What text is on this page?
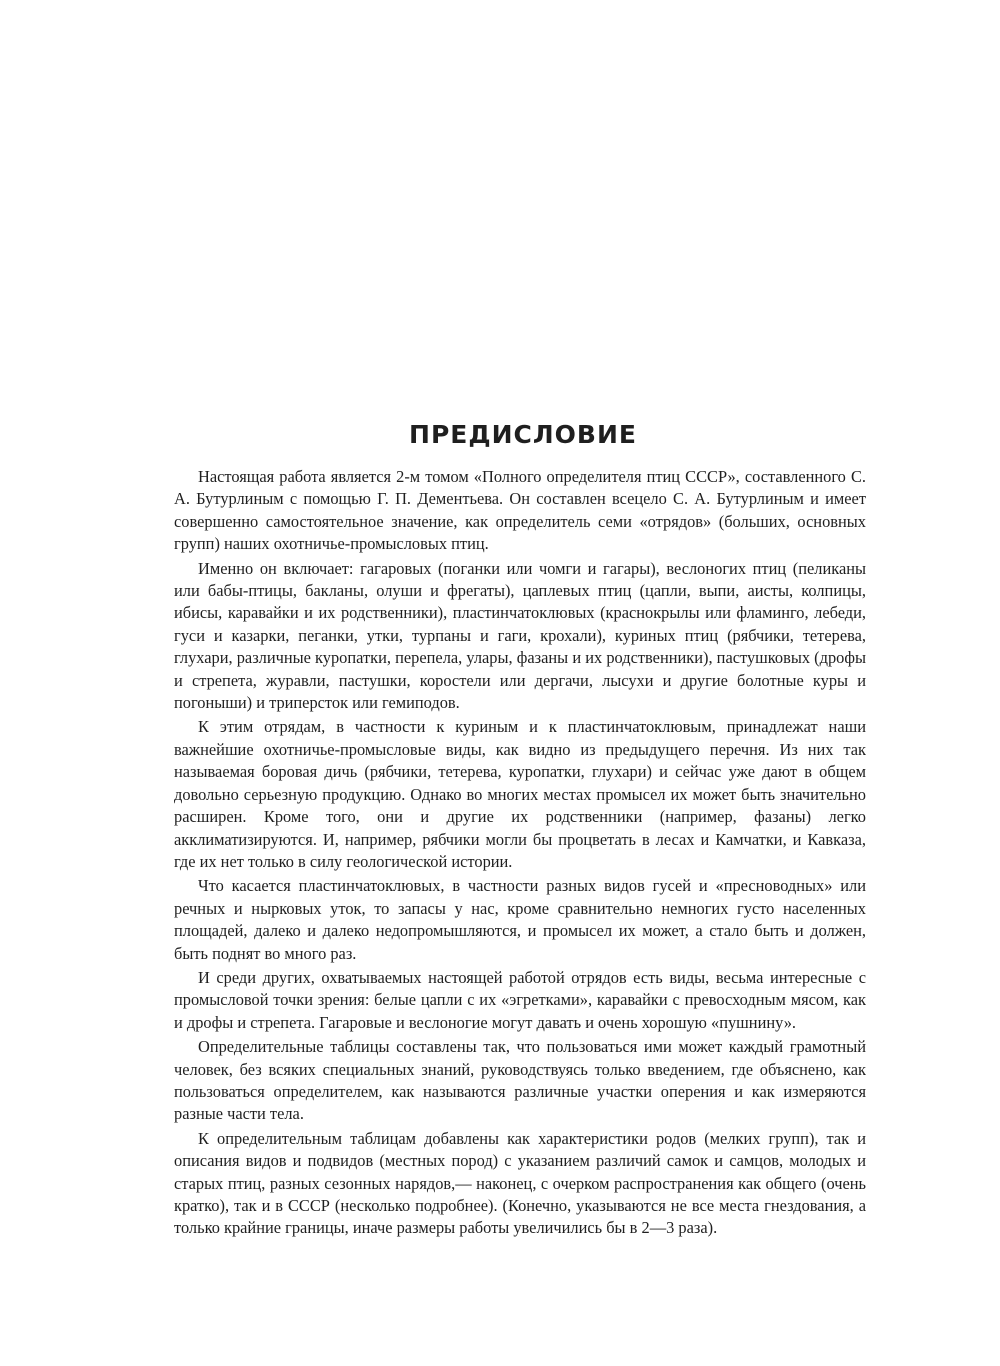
ПРЕДИСЛОВИЕ

Настоящая работа является 2-м томом «Полного определителя птиц СССР», составленного С. А. Бутурлиным с помощью Г. П. Дементьева. Он составлен всецело С. А. Бутурлиным и имеет совершенно самостоятельное значение, как определитель семи «отрядов» (больших, основных групп) наших охотничье-промысловых птиц.

Именно он включает: гагаровых (поганки или чомги и гагары), веслоногих птиц (пеликаны или бабы-птицы, бакланы, олуши и фрегаты), цаплевых птиц (цапли, выпи, аисты, колпицы, ибисы, каравайки и их родственники), пластинчатоклювых (краснокрылы или фламинго, лебеди, гуси и казарки, пеганки, утки, турпаны и гаги, крохали), куриных птиц (рябчики, тетерева, глухари, различные куропатки, перепела, улары, фазаны и их родственники), пастушковых (дрофы и стрепета, журавли, пастушки, коростели или дергачи, лысухи и другие болотные куры и погоныши) и триперсток или гемиподов.

К этим отрядам, в частности к куриным и к пластинчатоклювым, принадлежат наши важнейшие охотничье-промысловые виды, как видно из предыдущего перечня. Из них так называемая боровая дичь (рябчики, тетерева, куропатки, глухари) и сейчас уже дают в общем довольно серьезную продукцию. Однако во многих местах промысел их может быть значительно расширен. Кроме того, они и другие их родственники (например, фазаны) легко акклиматизируются. И, например, рябчики могли бы процветать в лесах и Камчатки, и Кавказа, где их нет только в силу геологической истории.

Что касается пластинчатоклювых, в частности разных видов гусей и «пресноводных» или речных и нырковых уток, то запасы у нас, кроме сравнительно немногих густо населенных площадей, далеко и далеко недопромышляются, и промысел их может, а стало быть и должен, быть поднят во много раз.

И среди других, охватываемых настоящей работой отрядов есть виды, весьма интересные с промысловой точки зрения: белые цапли с их «эгретками», каравайки с превосходным мясом, как и дрофы и стрепета. Гагаровые и веслоногие могут давать и очень хорошую «пушнину».

Определительные таблицы составлены так, что пользоваться ими может каждый грамотный человек, без всяких специальных знаний, руководствуясь только введением, где объяснено, как пользоваться определителем, как называются различные участки оперения и как измеряются разные части тела.

К определительным таблицам добавлены как характеристики родов (мелких групп), так и описания видов и подвидов (местных пород) с указанием различий самок и самцов, молодых и старых птиц, разных сезонных нарядов,— наконец, с очерком распространения как общего (очень кратко), так и в СССР (несколько подробнее). (Конечно, указываются не все места гнездования, а только крайние границы, иначе размеры работы увеличились бы в 2—3 раза).
